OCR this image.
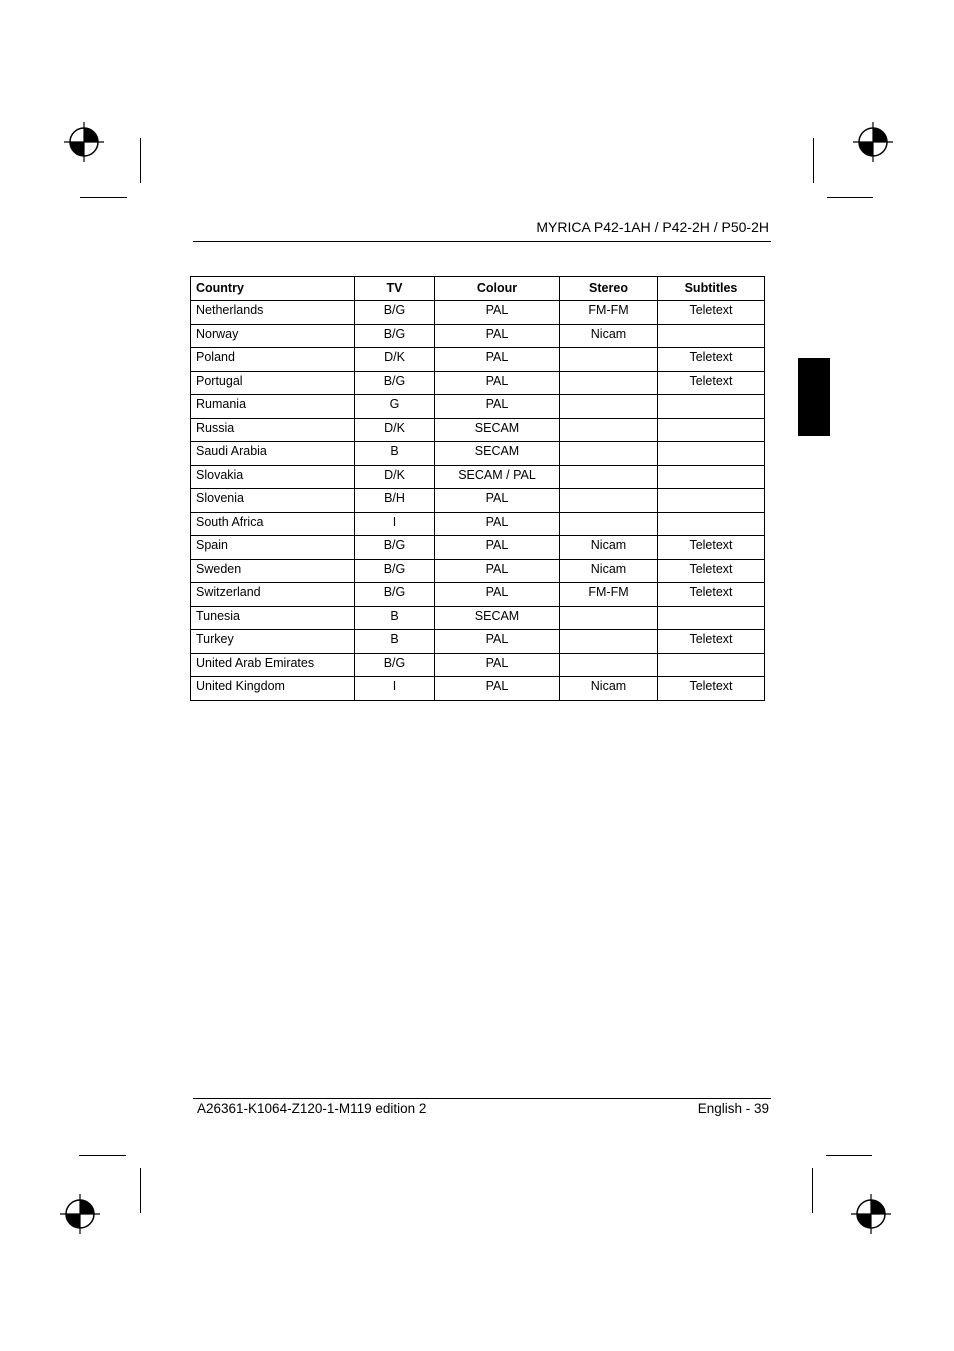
MYRICA P42-1AH / P42-2H / P50-2H
Country	TV	Colour	Stereo	Subtitles
Netherlands	B/G	PAL	FM-FM	Teletext
Norway	B/G	PAL	Nicam	
Poland	D/K	PAL		Teletext
Portugal	B/G	PAL		Teletext
Rumania	G	PAL		
Russia	D/K	SECAM		
Saudi Arabia	B	SECAM		
Slovakia	D/K	SECAM / PAL		
Slovenia	B/H	PAL		
South Africa	I	PAL		
Spain	B/G	PAL	Nicam	Teletext
Sweden	B/G	PAL	Nicam	Teletext
Switzerland	B/G	PAL	FM-FM	Teletext
Tunesia	B	SECAM		
Turkey	B	PAL		Teletext
United Arab Emirates	B/G	PAL		
United Kingdom	I	PAL	Nicam	Teletext
A26361-K1064-Z120-1-M119 edition 2	English - 39
